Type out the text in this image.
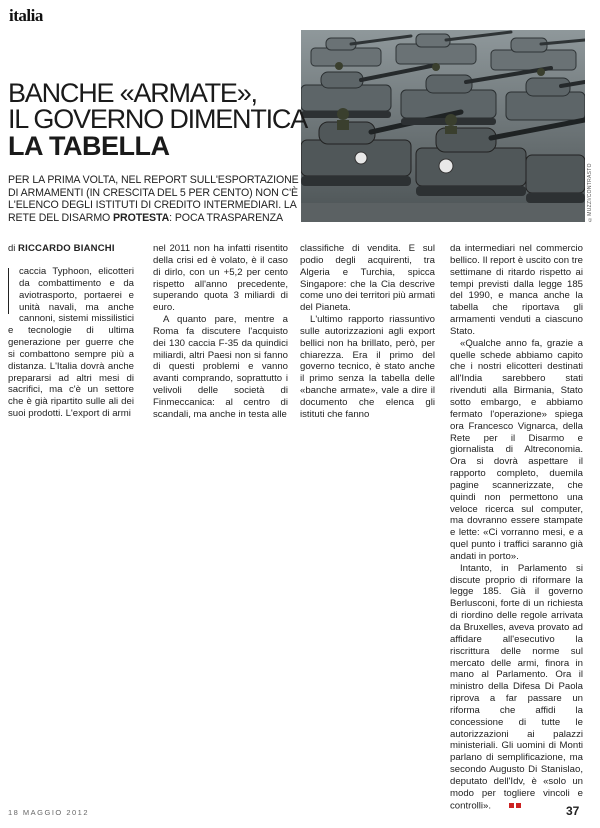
italia
©MUZZI/CONTRASTO
BANCHE «ARMATE»,
IL GOVERNO DIMENTICA
LA TABELLA
PER LA PRIMA VOLTA, NEL REPORT SULL'ESPORTAZIONE DI ARMAMENTI (IN CRESCITA DEL 5 PER CENTO) NON C'È L'ELENCO DEGLI ISTITUTI DI CREDITO INTERMEDIARI. LA RETE DEL DISARMO PROTESTA: POCA TRASPARENZA
di RICCARDO BIANCHI

caccia Typhoon, elicotteri da combattimento e da aviotrasporto, portaerei e unità navali, ma anche cannoni, sistemi missilistici e tecnologie di ultima generazione per guerre che si combattono sempre più a distanza. L'Italia dovrà anche prepararsi ad altri mesi di sacrifici, ma c'è un settore che è già ripartito sulle ali dei suoi prodotti. L'export di armi

nel 2011 non ha infatti risentito della crisi ed è volato, è il caso di dirlo, con un +5,2 per cento rispetto all'anno precedente, superando quota 3 miliardi di euro.

A quanto pare, mentre a Roma fa discutere l'acquisto dei 130 caccia F-35 da quindici miliardi, altri Paesi non si fanno di questi problemi e vanno avanti comprando, soprattutto i velivoli delle società di Finmeccanica: al centro di scandali, ma anche in testa alle

classifiche di vendita. E sul podio degli acquirenti, tra Algeria e Turchia, spicca Singapore: che la Cia descrive come uno dei territori più armati del Pianeta.

L'ultimo rapporto riassuntivo sulle autorizzazioni agli export bellici non ha brillato, però, per chiarezza. Era il primo del governo tecnico, è stato anche il primo senza la tabella delle «banche armate», vale a dire il documento che elenca gli istituti che fanno

da intermediari nel commercio bellico. Il report è uscito con tre settimane di ritardo rispetto ai tempi previsti dalla legge 185 del 1990, e manca anche la tabella che riportava gli armamenti venduti a ciascuno Stato.

«Qualche anno fa, grazie a quelle schede abbiamo capito che i nostri elicotteri destinati all'India sarebbero stati rivenduti alla Birmania, Stato sotto embargo, e abbiamo fermato l'operazione» spiega ora Francesco Vignarca, della Rete per il Disarmo e giornalista di Altreconomia. Ora si dovrà aspettare il rapporto completo, duemila pagine scannerizzate, che quindi non permettono una veloce ricerca sul computer, ma dovranno essere stampate e lette: «Ci vorranno mesi, e a quel punto i traffici saranno già andati in porto».

Intanto, in Parlamento si discute proprio di riformare la legge 185. Già il governo Berlusconi, forte di un richiesta di riordino delle regole arrivata da Bruxelles, aveva provato ad affidare all'esecutivo la riscrittura delle norme sul mercato delle armi, finora in mano al Parlamento. Ora il ministro della Difesa Di Paola riprova a far passare un riforma che affidi la concessione di tutte le autorizzazioni ai palazzi ministeriali. Gli uomini di Monti parlano di semplificazione, ma secondo Augusto Di Stanislao, deputato dell'Idv, è «solo un modo per togliere vincoli e controlli».

18 MAGGIO 2012	37
